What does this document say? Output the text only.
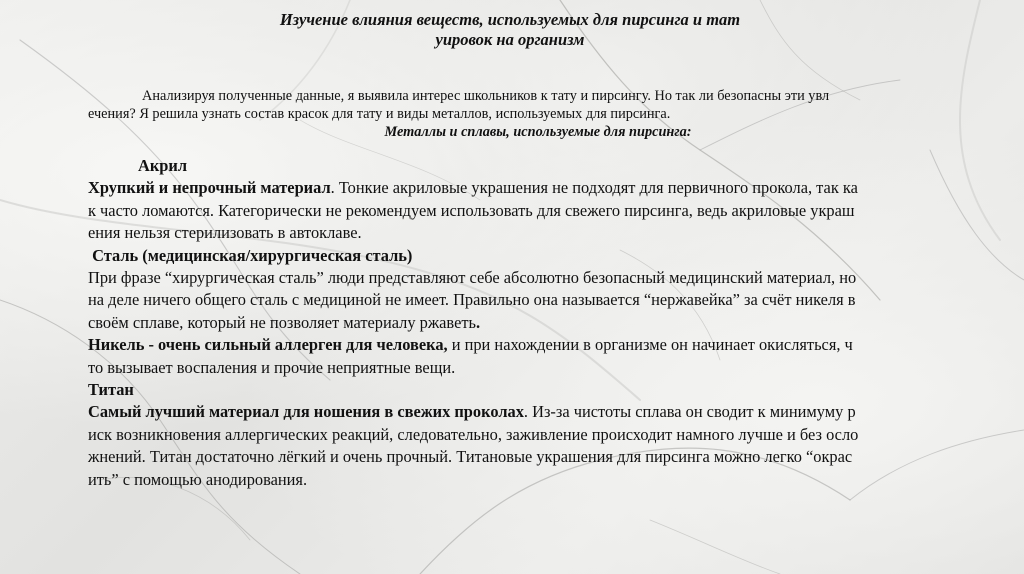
Изучение влияния веществ, используемых для пирсинга и тат
уировок на организм
Анализируя полученные данные, я выявила интерес школьников к тату и пирсингу. Но так ли безопасны эти увл
ечения? Я решила узнать состав красок для тату и виды металлов, используемых для пирсинга.
Металлы и сплавы, используемые для пирсинга:
Акрил
Хрупкий и непрочный материал. Тонкие акриловые украшения не подходят для первичного прокола, так ка
к часто ломаются. Категорически не рекомендуем использовать для свежего пирсинга, ведь акриловые украш
ения нельзя стерилизовать в автоклаве.
Сталь (медицинская/хирургическая сталь)
При фразе “хирургическая сталь” люди представляют себе абсолютно безопасный медицинский материал, но
на деле ничего общего сталь с медициной не имеет. Правильно она называется “нержавейка” за счёт никеля в
своём сплаве, который не позволяет материалу ржаветь.
Никель - очень сильный аллерген для человека, и при нахождении в организме он начинает окисляться, ч
то вызывает воспаления и прочие неприятные вещи.
Титан
Самый лучший материал для ношения в свежих проколах. Из-за чистоты сплава он сводит к минимуму р
иск возникновения аллергических реакций, следовательно, заживление происходит намного лучше и без осло
жнений. Титан достаточно лёгкий и очень прочный. Титановые украшения для пирсинга можно легко “окрас
ить” с помощью анодирования.
